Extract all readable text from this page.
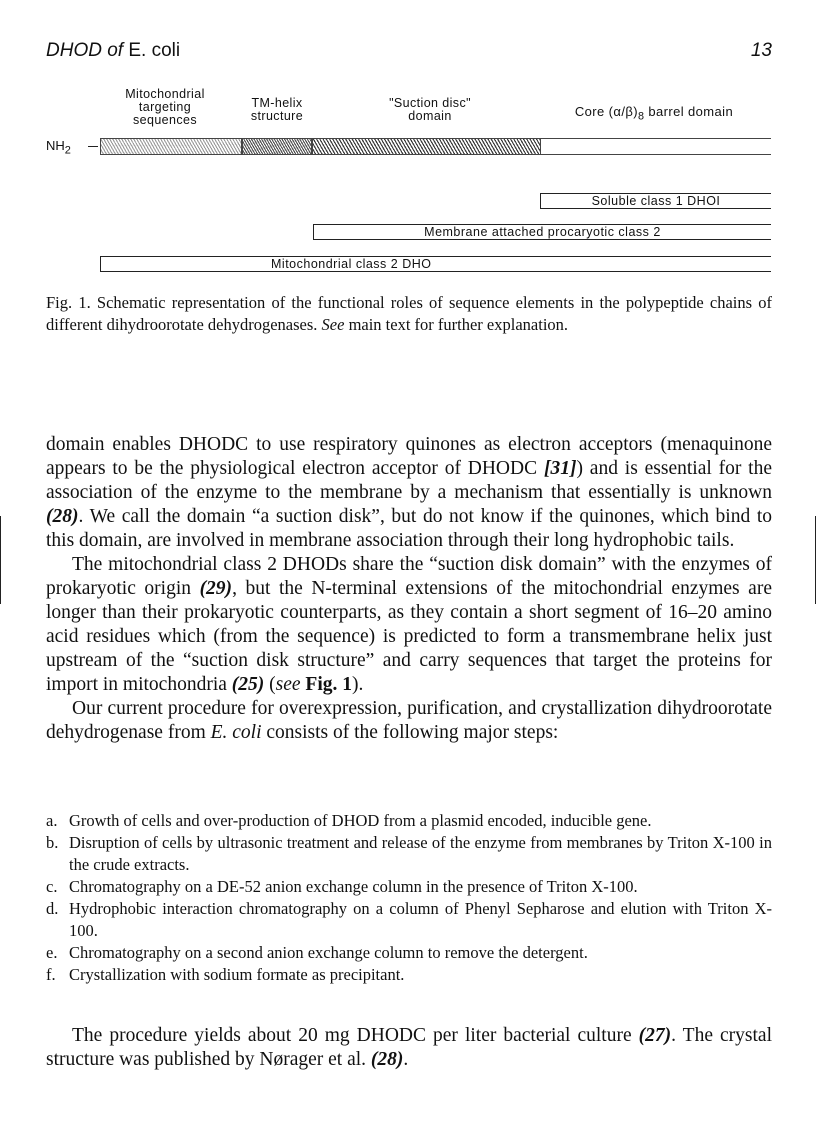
DHOD of E. coli	13
Mitochondrial
targeting
sequences
TM-helix
structure
"Suction disc"
domain	Core $(\alpha/\beta)_8$ barrel domain
$NH_2$
Soluble class 1 DHOI
Membrane attached procaryotic class 2
Mitochondrial class 2 DHO

Fig. 1. Schematic representation of the functional roles of sequence elements in the polypeptide chains of different dihydroorotate dehydrogenases. See main text for further explanation.

domain enables DHODC to use respiratory quinones as electron acceptors (menaquinone appears to be the physiological electron acceptor of DHODC [31]) and is essential for the association of the enzyme to the membrane by a mechanism that essentially is unknown (28). We call the domain “a suction disk”, but do not know if the quinones, which bind to this domain, are involved in membrane association through their long hydrophobic tails.

The mitochondrial class 2 DHODs share the “suction disk domain” with the enzymes of prokaryotic origin (29), but the N-terminal extensions of the mitochondrial enzymes are longer than their prokaryotic counterparts, as they contain a short segment of 16–20 amino acid residues which (from the sequence) is predicted to form a transmembrane helix just upstream of the “suction disk structure” and carry sequences that target the proteins for import in mitochondria (25) (see Fig. 1).

Our current procedure for overexpression, purification, and crystallization dihydroorotate dehydrogenase from E. coli consists of the following major steps:

a. Growth of cells and over-production of DHOD from a plasmid encoded, inducible gene.
b. Disruption of cells by ultrasonic treatment and release of the enzyme from membranes by Triton X-100 in the crude extracts.
c. Chromatography on a DE-52 anion exchange column in the presence of Triton X-100.
d. Hydrophobic interaction chromatography on a column of Phenyl Sepharose and elution with Triton X-100.
e. Chromatography on a second anion exchange column to remove the detergent.
f. Crystallization with sodium formate as precipitant.

The procedure yields about 20 mg DHODC per liter bacterial culture (27). The crystal structure was published by Nørager et al. (28).
